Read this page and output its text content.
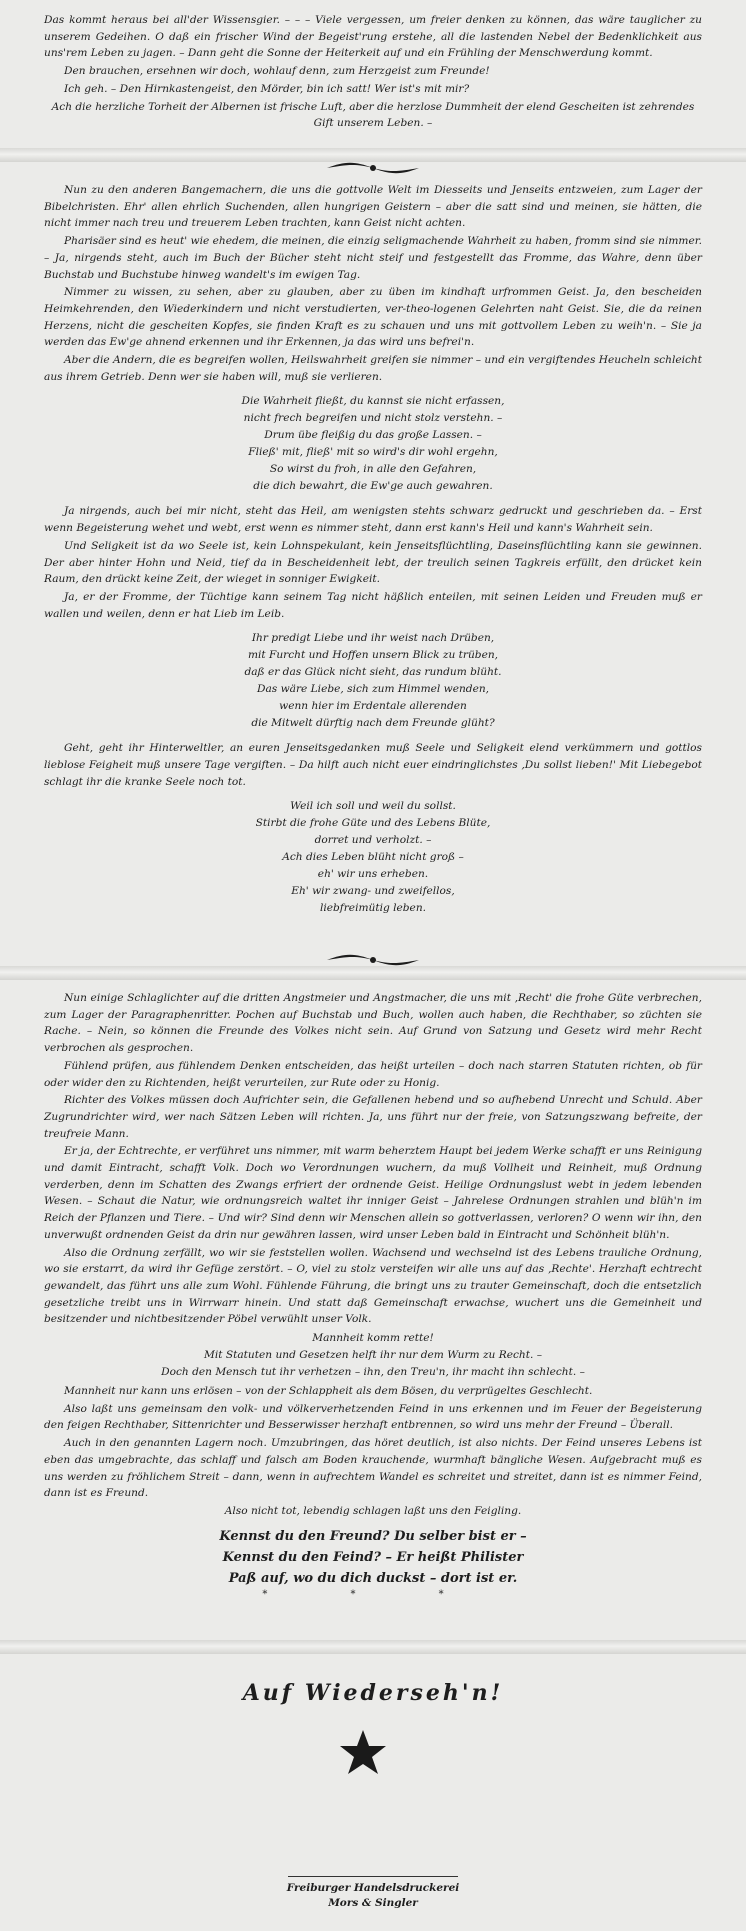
Das kommt heraus bei all'der Wissensgier. – – – Viele vergessen, um freier denken zu können, das wäre tauglicher zu unserem Gedeihen. O daß ein frischer Wind der Begeist'rung erstehe, all die lastenden Nebel der Bedenklichkeit aus uns'rem Leben zu jagen. – Dann geht die Sonne der Heiterkeit auf und ein Frühling der Menschwerdung kommt.

Den brauchen, ersehnen wir doch, wohlauf denn, zum Herzgeist zum Freunde!

Ich geh. – Den Hirnkastengeist, den Mörder, bin ich satt! Wer ist's mit mir?

Ach die herzliche Torheit der Albernen ist frische Luft, aber die herzlose Dummheit der elend Gescheiten ist zehrendes Gift unserem Leben. –

Nun zu den anderen Bangemachern, die uns die gottvolle Welt im Diesseits und Jenseits entzweien, zum Lager der Bibelchristen. Ehr' allen ehrlich Suchenden, allen hungrigen Geistern – aber die satt sind und meinen, sie hätten, die nicht immer nach treu und treuerem Leben trachten, kann Geist nicht achten.

Pharisäer sind es heut' wie ehedem, die meinen, die einzig seligmachende Wahrheit zu haben, fromm sind sie nimmer. – Ja, nirgends steht, auch im Buch der Bücher steht nicht steif und festgestellt das Fromme, das Wahre, denn über Buchstab und Buchstube hinweg wandelt's im ewigen Tag.

Nimmer zu wissen, zu sehen, aber zu glauben, aber zu üben im kindhaft urfrommen Geist. Ja, den bescheiden Heimkehrenden, den Wiederkindern und nicht verstudierten, ver-theo-logenen Gelehrten naht Geist. Sie, die da reinen Herzens, nicht die gescheiten Kopfes, sie finden Kraft es zu schauen und uns mit gottvollem Leben zu weih'n. – Sie ja werden das Ew'ge ahnend erkennen und ihr Erkennen, ja das wird uns befrei'n.

Aber die Andern, die es begreifen wollen, Heilswahrheit greifen sie nimmer – und ein vergiftendes Heucheln schleicht aus ihrem Getrieb. Denn wer sie haben will, muß sie verlieren.

Die Wahrheit fließt, du kannst sie nicht erfassen,
nicht frech begreifen und nicht stolz verstehn. –
Drum übe fleißig du das große Lassen. –
Fließ' mit, fließ' mit so wird's dir wohl ergehn,
So wirst du froh, in alle den Gefahren,
die dich bewahrt, die Ew'ge auch gewahren.

Ja nirgends, auch bei mir nicht, steht das Heil, am wenigsten stehts schwarz gedruckt und geschrieben da. – Erst wenn Begeisterung wehet und webt, erst wenn es nimmer steht, dann erst kann's Heil und kann's Wahrheit sein.

Und Seligkeit ist da wo Seele ist, kein Lohnspekulant, kein Jenseitsflüchtling, Daseinsflüchtling kann sie gewinnen. Der aber hinter Hohn und Neid, tief da in Bescheidenheit lebt, der treulich seinen Tagkreis erfüllt, den drücket kein Raum, den drückt keine Zeit, der wieget in sonniger Ewigkeit.

Ja, er der Fromme, der Tüchtige kann seinem Tag nicht häßlich enteilen, mit seinen Leiden und Freuden muß er wallen und weilen, denn er hat Lieb im Leib.

Ihr predigt Liebe und ihr weist nach Drüben,
mit Furcht und Hoffen unsern Blick zu trüben,
daß er das Glück nicht sieht, das rundum blüht.
Das wäre Liebe, sich zum Himmel wenden,
wenn hier im Erdentale allerenden
die Mitwelt dürftig nach dem Freunde glüht?

Geht, geht ihr Hinterweltler, an euren Jenseitsgedanken muß Seele und Seligkeit elend verkümmern und gottlos lieblose Feigheit muß unsere Tage vergiften. – Da hilft auch nicht euer eindringlichstes ‚Du sollst lieben!' Mit Liebegebot schlagt ihr die kranke Seele noch tot.

Weil ich soll und weil du sollst.
Stirbt die frohe Güte und des Lebens Blüte,
dorret und verholzt. –
Ach dies Leben blüht nicht groß –
eh' wir uns erheben.
Eh' wir zwang- und zweifellos,
liebfreimütig leben.

Nun einige Schlaglichter auf die dritten Angstmeier und Angstmacher, die uns mit ‚Recht' die frohe Güte verbrechen, zum Lager der Paragraphenritter. Pochen auf Buchstab und Buch, wollen auch haben, die Rechthaber, so züchten sie Rache. – Nein, so können die Freunde des Volkes nicht sein. Auf Grund von Satzung und Gesetz wird mehr Recht verbrochen als gesprochen.

Fühlend prüfen, aus fühlendem Denken entscheiden, das heißt urteilen – doch nach starren Statuten richten, ob für oder wider den zu Richtenden, heißt verurteilen, zur Rute oder zu Honig.

Richter des Volkes müssen doch Aufrichter sein, die Gefallenen hebend und so aufhebend Unrecht und Schuld. Aber Zugrundrichter wird, wer nach Sätzen Leben will richten. Ja, uns führt nur der freie, von Satzungszwang befreite, der treufreie Mann.

Er ja, der Echtrechte, er verführet uns nimmer, mit warm beherztem Haupt bei jedem Werke schafft er uns Reinigung und damit Eintracht, schafft Volk. Doch wo Verordnungen wuchern, da muß Vollheit und Reinheit, muß Ordnung verderben, denn im Schatten des Zwangs erfriert der ordnende Geist. Heilige Ordnungslust webt in jedem lebenden Wesen. – Schaut die Natur, wie ordnungsreich waltet ihr inniger Geist – Jahrelese Ordnungen strahlen und blüh'n im Reich der Pflanzen und Tiere. – Und wir? Sind denn wir Menschen allein so gottverlassen, verloren? O wenn wir ihn, den unverwußt ordnenden Geist da drin nur gewähren lassen, wird unser Leben bald in Eintracht und Schönheit blüh'n.

Also die Ordnung zerfällt, wo wir sie feststellen wollen. Wachsend und wechselnd ist des Lebens trauliche Ordnung, wo sie erstarrt, da wird ihr Gefüge zerstört. – O, viel zu stolz versteifen wir alle uns auf das ‚Rechte'. Herzhaft echtrecht gewandelt, das führt uns alle zum Wohl. Fühlende Führung, die bringt uns zu trauter Gemeinschaft, doch die entsetzlich gesetzliche treibt uns in Wirrwarr hinein. Und statt daß Gemeinschaft erwachse, wuchert uns die Gemeinheit und besitzender und nichtbesitzender Pöbel verwühlt unser Volk.

Mannheit komm rette!
Mit Statuten und Gesetzen helft ihr nur dem Wurm zu Recht. –
Doch den Mensch tut ihr verhetzen – ihn, den Treu'n, ihr macht ihn schlecht. –

Mannheit nur kann uns erlösen – von der Schlappheit als dem Bösen, du verprügeltes Geschlecht.

Also laßt uns gemeinsam den volk- und völkerverhetzenden Feind in uns erkennen und im Feuer der Begeisterung den feigen Rechthaber, Sittenrichter und Besserwisser herzhaft entbrennen, so wird uns mehr der Freund – Überall.

Auch in den genannten Lagern noch. Umzubringen, das höret deutlich, ist also nichts. Der Feind unseres Lebens ist eben das umgebrachte, das schlaff und falsch am Boden krauchende, wurmhaft bängliche Wesen. Aufgebracht muß es uns werden zu fröhlichem Streit – dann, wenn in aufrechtem Wandel es schreitet und streitet, dann ist es nimmer Feind, dann ist es Freund.

Also nicht tot, lebendig schlagen laßt uns den Feigling.

Kennst du den Freund? Du selber bist er –
Kennst du den Feind? – Er heißt Philister
Paß auf, wo du dich duckst – dort ist er.
* * *
Auf Wiederseh'n!
Freiburger Handelsdruckerei
Mors & Singler
